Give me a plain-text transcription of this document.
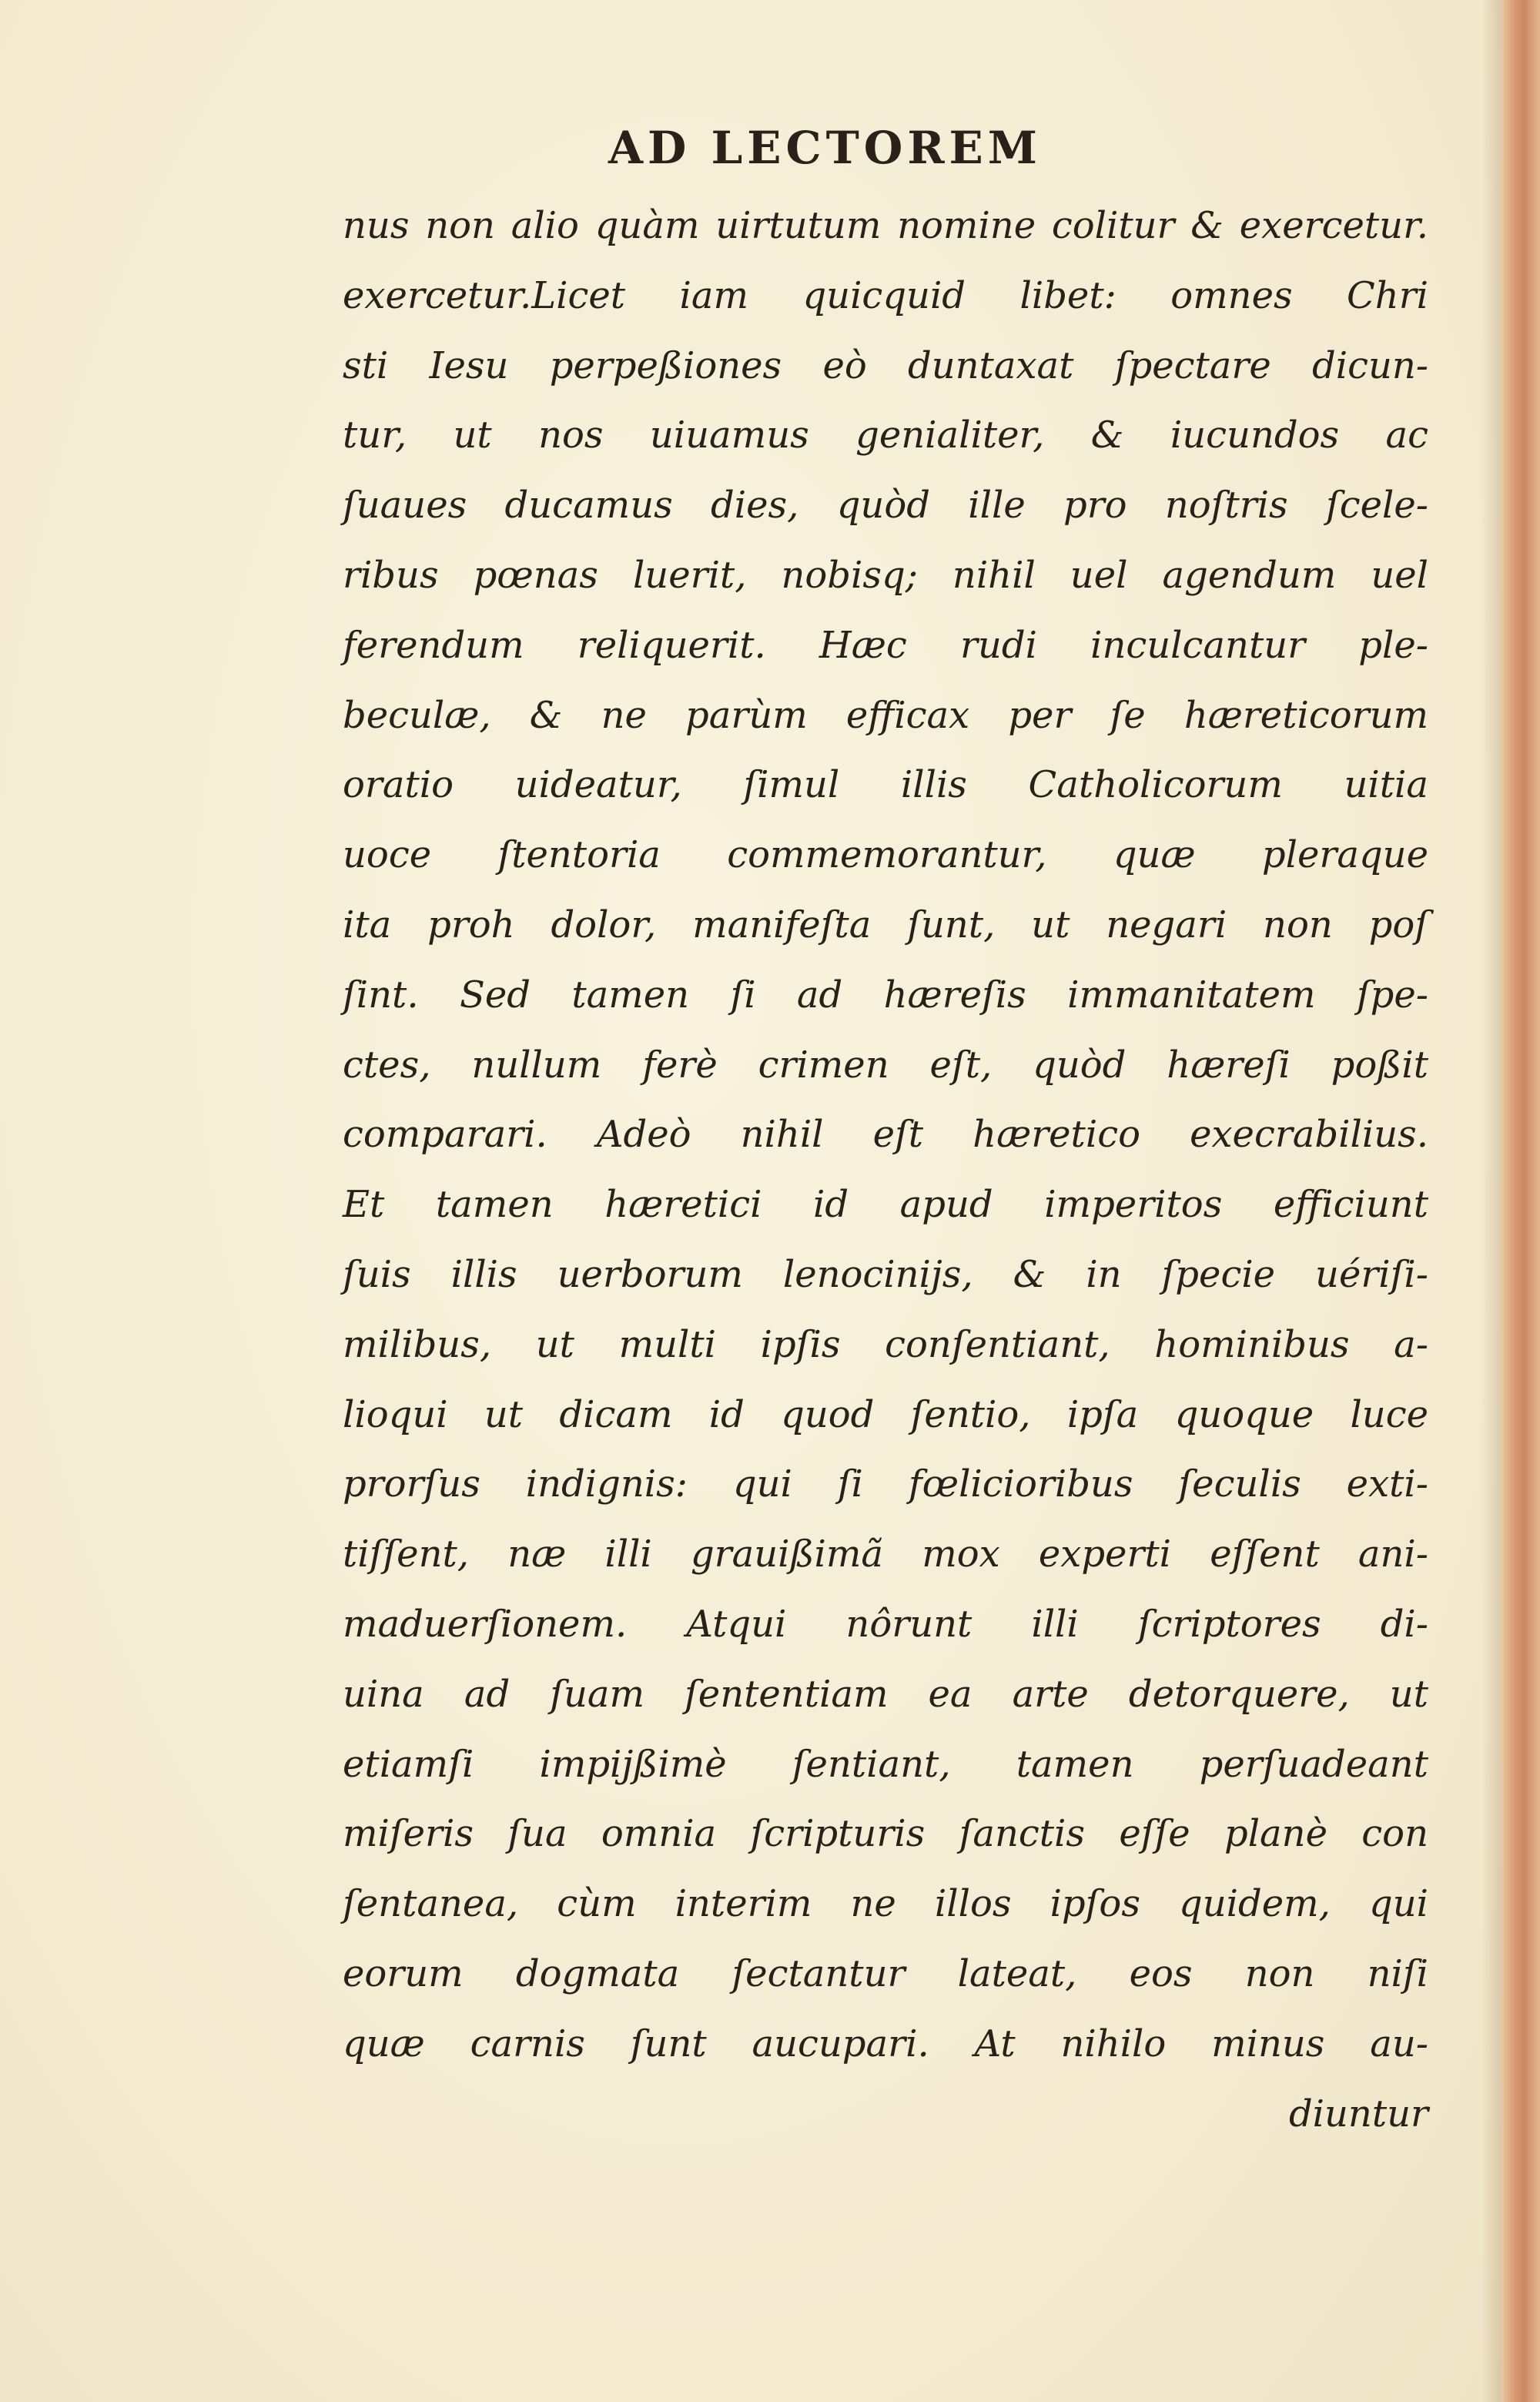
AD LECTOREM
nus non alio quàm uirtutum nomine colitur & exercetur.
exercetur.Licet iam quicquid libet: omnes Chri
sti Iesu perpeßiones eò duntaxat ſpectare dicun-
tur, ut nos uiuamus genialiter, & iucundos ac
ſuaues ducamus dies, quòd ille pro noſtris ſcele-
ribus pœnas luerit, nobisq; nihil uel agendum uel
ferendum reliquerit. Hæc rudi inculcantur ple-
beculæ, & ne parùm efficax per ſe hæreticorum
oratio uideatur, ſimul illis Catholicorum uitia
uoce ſtentoria commemorantur, quæ pleraque
ita proh dolor, manifeſta ſunt, ut negari non poſ
ſint. Sed tamen ſi ad hæreſis immanitatem ſpe-
ctes, nullum ferè crimen eſt, quòd hæreſi poßit
comparari. Adeò nihil eſt hæretico execrabilius.
Et tamen hæretici id apud imperitos efficiunt
ſuis illis uerborum lenocinijs, & in ſpecie uériſi-
milibus, ut multi ipſis conſentiant, hominibus a-
lioqui ut dicam id quod ſentio, ipſa quoque luce
prorſus indignis: qui ſi fœlicioribus ſeculis exti-
tiſſent, næ illi grauißimã mox experti eſſent ani-
maduerſionem. Atqui nôrunt illi ſcriptores di-
uina ad ſuam ſententiam ea arte detorquere, ut
etiamſi impijßimè ſentiant, tamen perſuadeant
miſeris ſua omnia ſcripturis ſanctis eſſe planè con
ſentanea, cùm interim ne illos ipſos quidem, qui
eorum dogmata ſectantur lateat, eos non niſi
quæ carnis ſunt aucupari. At nihilo minus au-
diuntur
